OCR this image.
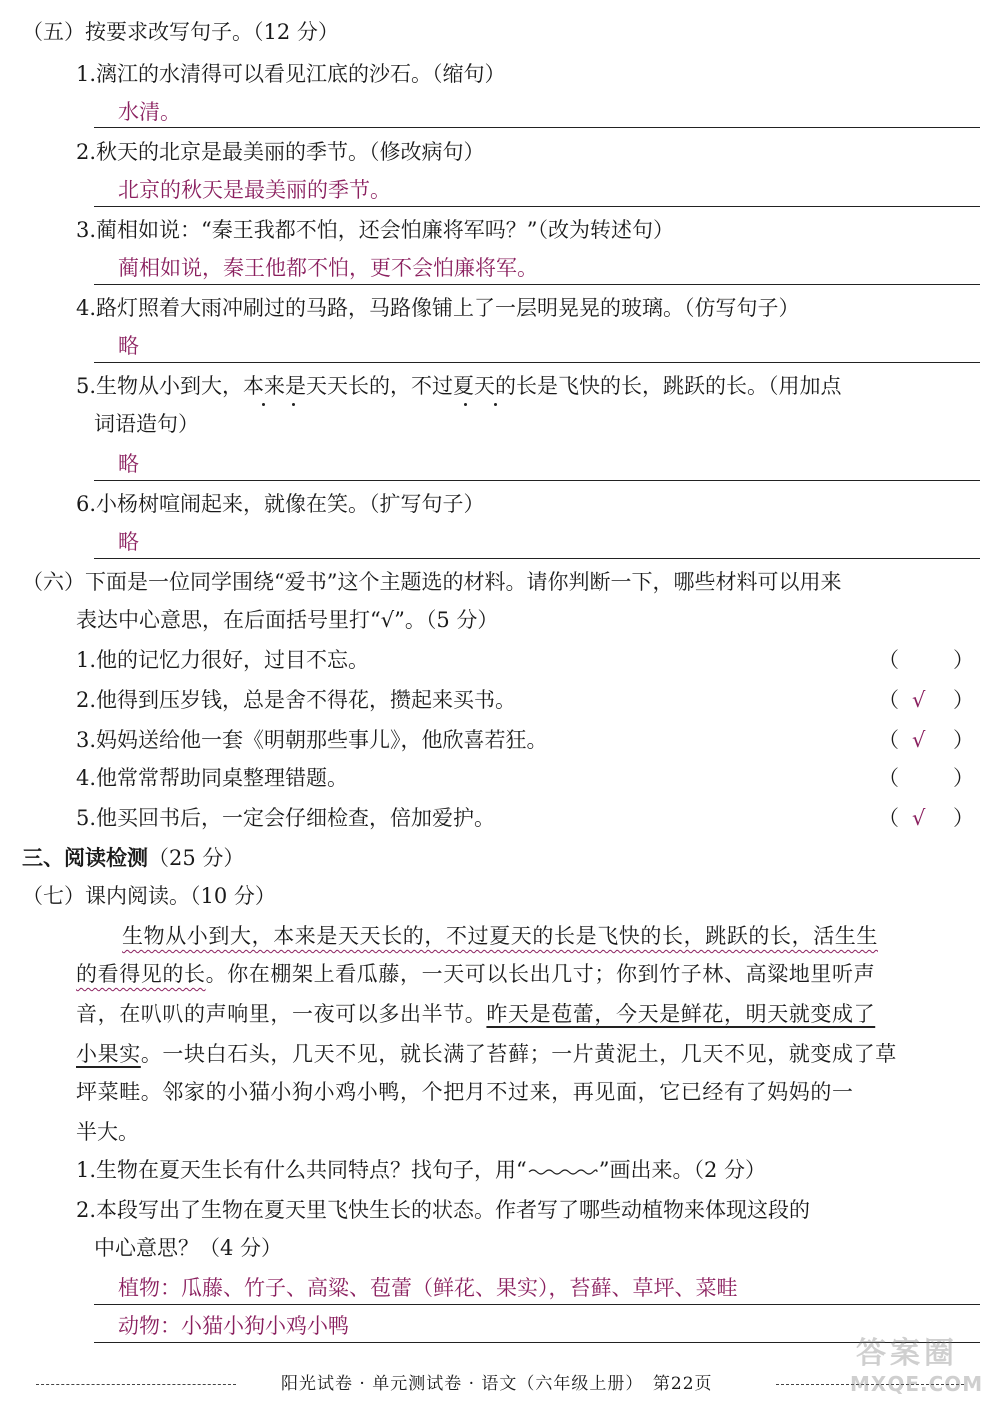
（五）按要求改写句子。（12 分）
1.漓江的水清得可以看见江底的沙石。（缩句）
水清。
2.秋天的北京是最美丽的季节。（修改病句）
北京的秋天是最美丽的季节。
3.蔺相如说：“秦王我都不怕，还会怕廉将军吗？”（改为转述句）
蔺相如说，秦王他都不怕，更不会怕廉将军。
4.路灯照着大雨冲刷过的马路，马路像铺上了一层明晃晃的玻璃。（仿写句子）
略
5.生物从小到大，本来是天天长的，不过夏天的长是飞快的长，跳跃的长。（用加点
词语造句）
略
6.小杨树喧闹起来，就像在笑。（扩写句子）
略
（六）下面是一位同学围绕“爱书”这个主题选的材料。请你判断一下，哪些材料可以用来
表达中心意思，在后面括号里打“√”。（5 分）
1.他的记忆力很好，过目不忘。	（	）
2.他得到压岁钱，总是舍不得花，攒起来买书。	（ √ ）
3.妈妈送给他一套《明朝那些事儿》，他欣喜若狂。	（ √ ）
4.他常常帮助同桌整理错题。	（	）
5.他买回书后，一定会仔细检查，倍加爱护。	（ √ ）
三、阅读检测（25 分）
（七）课内阅读。（10 分）
生物从小到大，本来是天天长的，不过夏天的长是飞快的长，跳跃的长，活生生
的看得见的长。你在棚架上看瓜藤，一天可以长出几寸；你到竹子林、高粱地里听声
音，在叭叭的声响里，一夜可以多出半节。昨天是苞蕾，今天是鲜花，明天就变成了
小果实。一块白石头，几天不见，就长满了苔藓；一片黄泥土，几天不见，就变成了草
坪菜畦。邻家的小猫小狗小鸡小鸭，个把月不过来，再见面，它已经有了妈妈的一
半大。
1.生物在夏天生长有什么共同特点？找句子，用“	”画出来。（2 分）
2.本段写出了生物在夏天里飞快生长的状态。作者写了哪些动植物来体现这段的
中心意思？（4 分）
植物：瓜藤、竹子、高粱、苞蕾（鲜花、果实），苔藓、草坪、菜畦
动物：小猫小狗小鸡小鸭
阳光试卷 · 单元测试卷 · 语文（六年级上册）　第22页
答案圈
MXQE.COM
